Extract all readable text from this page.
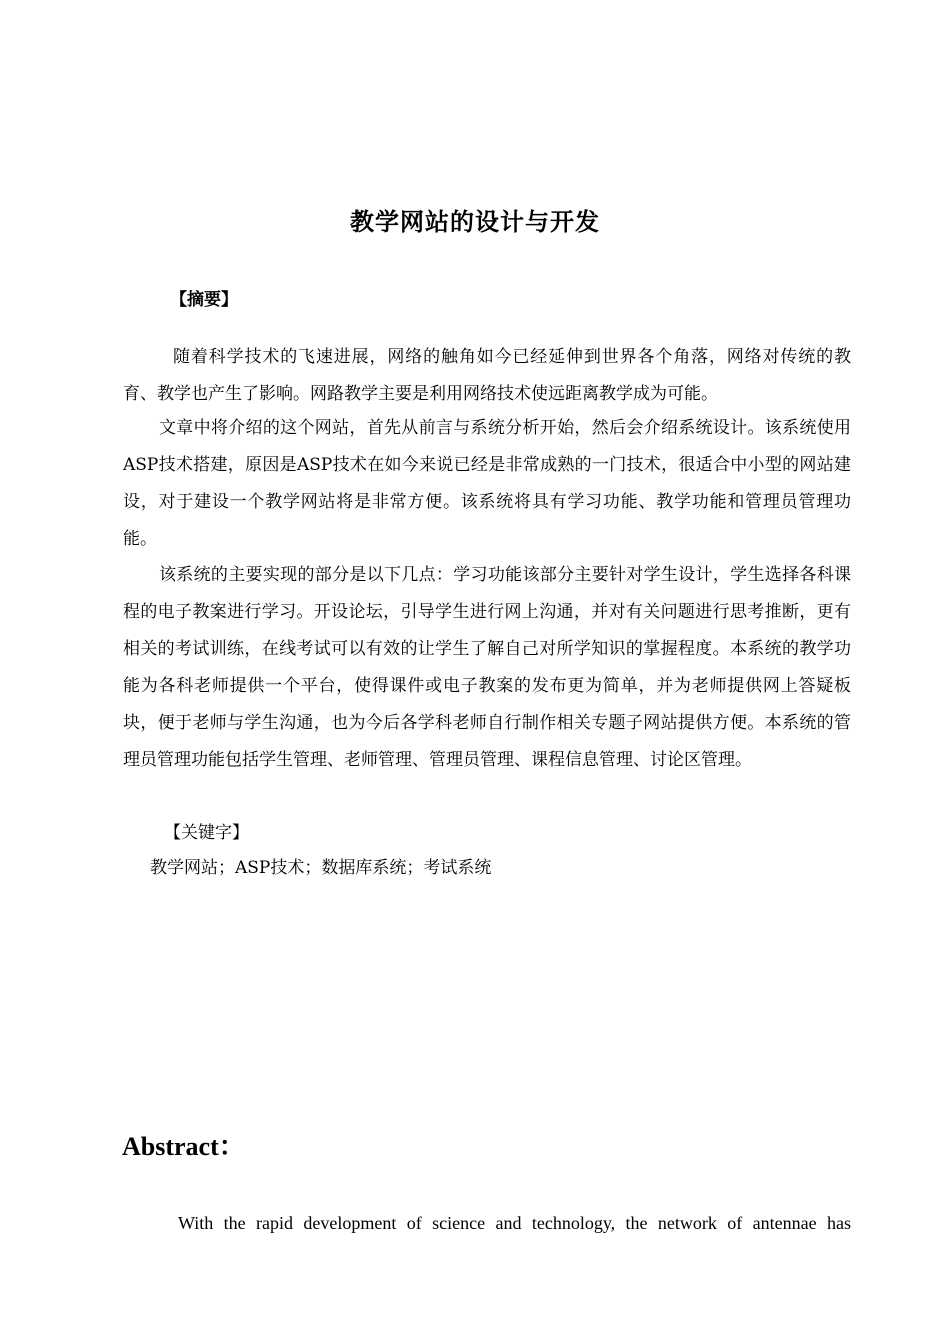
教学网站的设计与开发
【摘要】
随着科学技术的飞速进展，网络的触角如今已经延伸到世界各个角落，网络对传统的教育、教学也产生了影响。网路教学主要是利用网络技术使远距离教学成为可能。
文章中将介绍的这个网站，首先从前言与系统分析开始，然后会介绍系统设计。该系统使用ASP技术搭建，原因是ASP技术在如今来说已经是非常成熟的一门技术，很适合中小型的网站建设，对于建设一个教学网站将是非常方便。该系统将具有学习功能、教学功能和管理员管理功能。
该系统的主要实现的部分是以下几点：学习功能该部分主要针对学生设计，学生选择各科课程的电子教案进行学习。开设论坛，引导学生进行网上沟通，并对有关问题进行思考推断，更有相关的考试训练，在线考试可以有效的让学生了解自己对所学知识的掌握程度。本系统的教学功能为各科老师提供一个平台，使得课件或电子教案的发布更为简单，并为老师提供网上答疑板块，便于老师与学生沟通，也为今后各学科老师自行制作相关专题子网站提供方便。本系统的管理员管理功能包括学生管理、老师管理、管理员管理、课程信息管理、讨论区管理。
【关键字】
教学网站；ASP技术；数据库系统；考试系统
Abstract：
With the rapid development of science and technology, the network of antennae has
